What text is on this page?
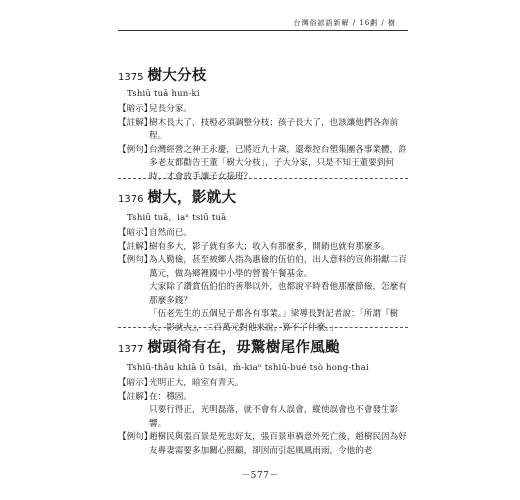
台灣俗諺語新解 / 16劃 / 樹
1375 樹大分枝
Tshiū tuā hun-ki
【暗示】

兒長分家。

【註解】

樹木長大了，枝椏必須調整分枝；孩子長大了，也該讓他們各奔前程。

【例句】

台灣經營之神王永慶，已將近九十歲，還牽控台塑集團各事業體，許多老友都勸告王董「樹大分枝」，子大分家，只是不知王董要到何時，才會放手讓子女接班？

1376 樹大，影就大
Tshiū tuā，iaⁿ tsiū tuā
【暗示】

自然而已。

【註解】

樹有多大，影子就有多大；收入有那麼多，開銷也就有那麼多。

【例句】

為人勤儉，甚至被鄉人指為惠儉的伍伯伯，出人意料的宣佈捐獻二百萬元，做為鄉裡國中小學的營養午餐基金。

大家除了讚賞伍伯伯的善舉以外，也都說平時看他那麼節儉，怎麼有那麼多錢？

「伍老先生的五個兒子都各有事業。」梁導長對記者說：「所謂『樹大，影就大』，二百萬元對他來說，算不了什麼。」

1377 樹頭徛有在，毋驚樹尾作風颱
Tshiū-thâu khiā ū tsāi，m̄-kiaⁿ tshiū-bué tsò hong-thai
【暗示】

光明正大，暗室有青天。

【註解】

在：穩固。

只要行得正，光明磊落，就不會有人誤會，縱使誤會也不會發生影響。

【例句】

趙樹民與張百景是死忠好友，張百景車禍意外死亡後，趙樹民因為好友專妻需要多加關心照顧，卻因而引起風風雨雨，令他的老

－577－
